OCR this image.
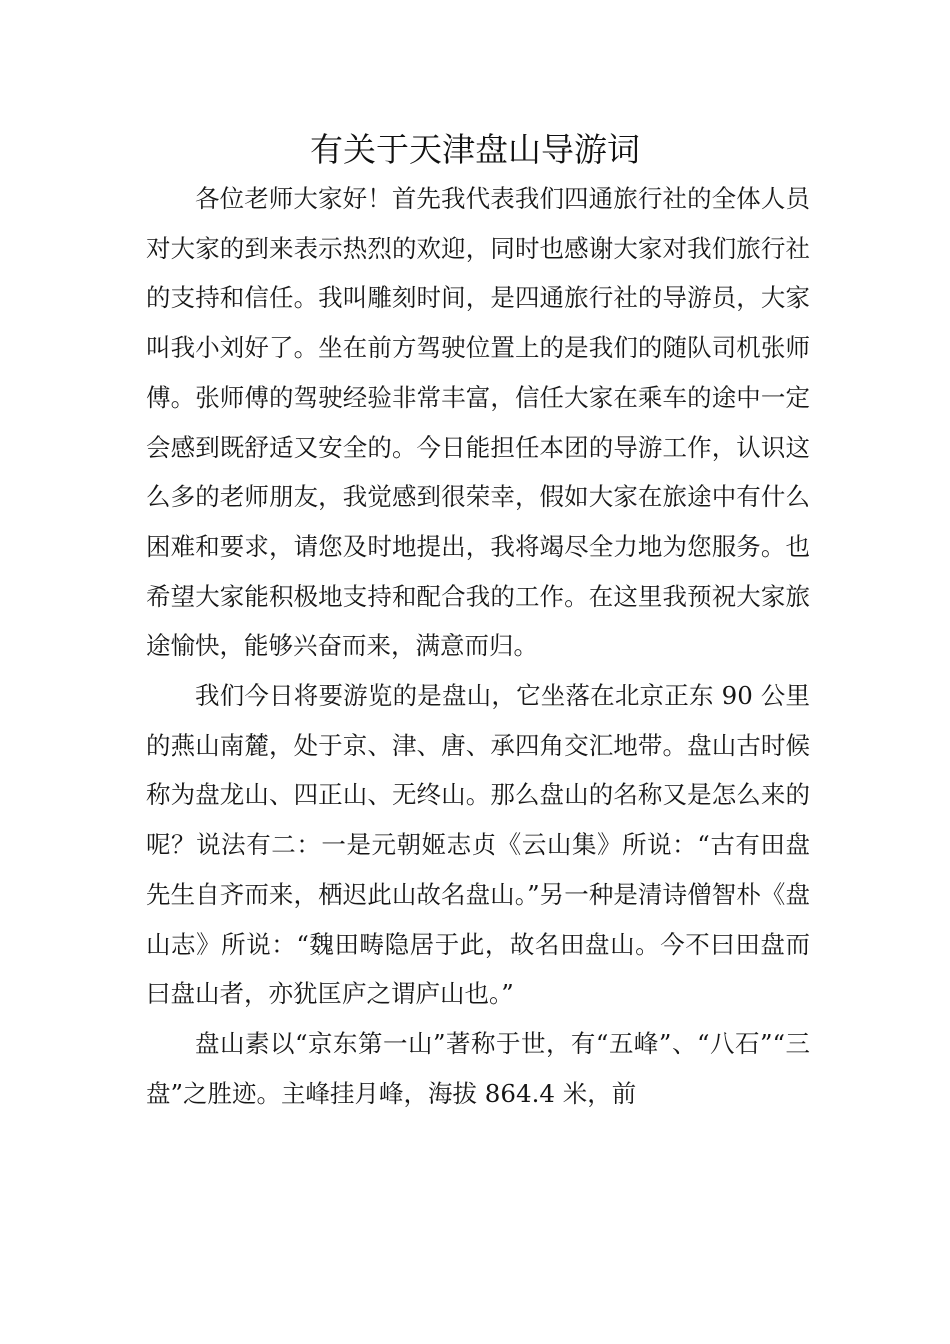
有关于天津盘山导游词

各位老师大家好！首先我代表我们四通旅行社的全体人员对大家的到来表示热烈的欢迎，同时也感谢大家对我们旅行社的支持和信任。我叫雕刻时间，是四通旅行社的导游员，大家叫我小刘好了。坐在前方驾驶位置上的是我们的随队司机张师傅。张师傅的驾驶经验非常丰富，信任大家在乘车的途中一定会感到既舒适又安全的。今日能担任本团的导游工作，认识这么多的老师朋友，我觉感到很荣幸，假如大家在旅途中有什么困难和要求，请您及时地提出，我将竭尽全力地为您服务。也希望大家能积极地支持和配合我的工作。在这里我预祝大家旅途愉快，能够兴奋而来，满意而归。

我们今日将要游览的是盘山，它坐落在北京正东 90 公里的燕山南麓，处于京、津、唐、承四角交汇地带。盘山古时候称为盘龙山、四正山、无终山。那么盘山的名称又是怎么来的呢？说法有二：一是元朝姬志贞《云山集》所说：“古有田盘先生自齐而来，栖迟此山故名盘山。”另一种是清诗僧智朴《盘山志》所说：“魏田畴隐居于此，故名田盘山。今不曰田盘而曰盘山者，亦犹匡庐之谓庐山也。”

盘山素以“京东第一山”著称于世，有“五峰”、“八石”“三盘”之胜迹。主峰挂月峰，海拔 864.4 米，前
